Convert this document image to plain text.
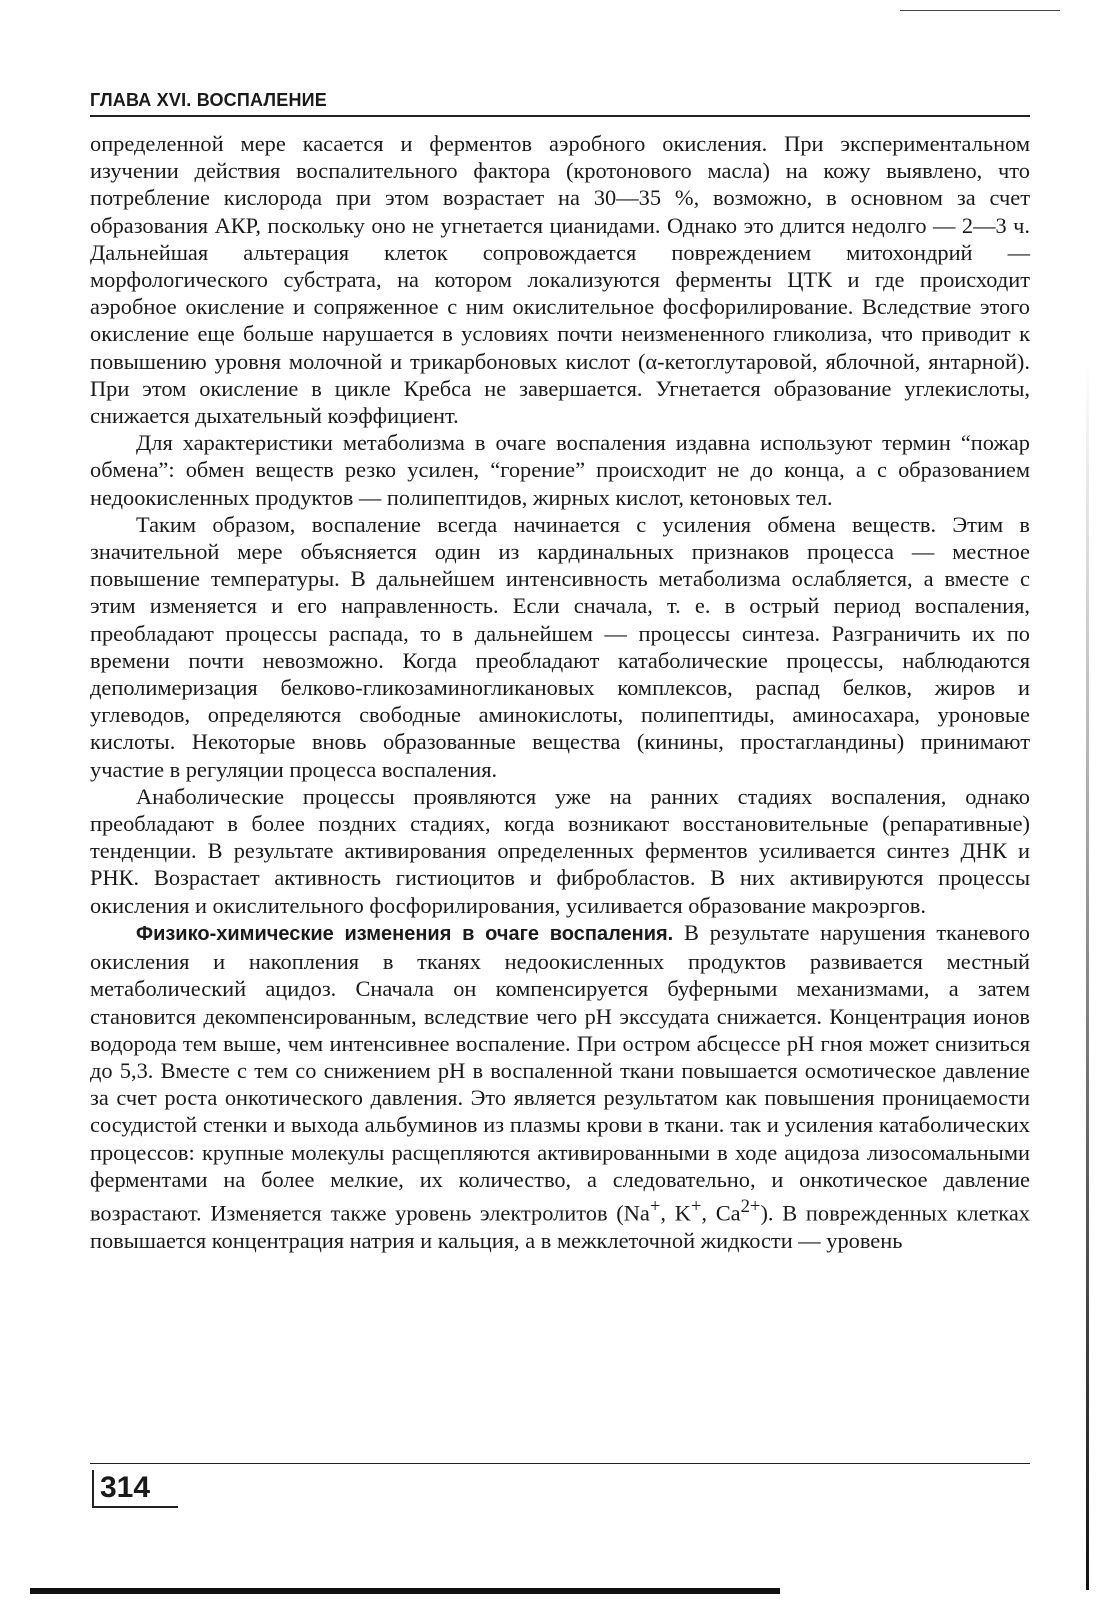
ГЛАВА XVI. ВОСПАЛЕНИЕ

определенной мере касается и ферментов аэробного окисления. При экспериментальном изучении действия воспалительного фактора (кротонового масла) на кожу выявлено, что потребление кислорода при этом возрастает на 30—35 %, возможно, в основном за счет образования АКР, поскольку оно не угнетается цианидами. Однако это длится недолго — 2—3 ч. Дальнейшая альтерация клеток сопровождается повреждением митохондрий — морфологического субстрата, на котором локализуются ферменты ЦТК и где происходит аэробное окисление и сопряженное с ним окислительное фосфорилирование. Вследствие этого окисление еще больше нарушается в условиях почти неизмененного гликолиза, что приводит к повышению уровня молочной и трикарбоновых кислот (α-кетоглутаровой, яблочной, янтарной). При этом окисление в цикле Кребса не завершается. Угнетается образование углекислоты, снижается дыхательный коэффициент.

Для характеристики метаболизма в очаге воспаления издавна используют термин “пожар обмена”: обмен веществ резко усилен, “горение” происходит не до конца, а с образованием недоокисленных продуктов — полипептидов, жирных кислот, кетоновых тел.

Таким образом, воспаление всегда начинается с усиления обмена веществ. Этим в значительной мере объясняется один из кардинальных признаков процесса — местное повышение температуры. В дальнейшем интенсивность метаболизма ослабляется, а вместе с этим изменяется и его направленность. Если сначала, т. е. в острый период воспаления, преобладают процессы распада, то в дальнейшем — процессы синтеза. Разграничить их по времени почти невозможно. Когда преобладают катаболические процессы, наблюдаются деполимеризация белково-гликозаминогликановых комплексов, распад белков, жиров и углеводов, определяются свободные аминокислоты, полипептиды, аминосахара, уроновые кислоты. Некоторые вновь образованные вещества (кинины, простагландины) принимают участие в регуляции процесса воспаления.

Анаболические процессы проявляются уже на ранних стадиях воспаления, однако преобладают в более поздних стадиях, когда возникают восстановительные (репаративные) тенденции. В результате активирования определенных ферментов усиливается синтез ДНК и РНК. Возрастает активность гистиоцитов и фибробластов. В них активируются процессы окисления и окислительного фосфорилирования, усиливается образование макроэргов.

Физико-химические изменения в очаге воспаления. В результате нарушения тканевого окисления и накопления в тканях недоокисленных продуктов развивается местный метаболический ацидоз. Сначала он компенсируется буферными механизмами, а затем становится декомпенсированным, вследствие чего pH экссудата снижается. Концентрация ионов водорода тем выше, чем интенсивнее воспаление. При остром абсцессе pH гноя может снизиться до 5,3. Вместе с тем со снижением pH в воспаленной ткани повышается осмотическое давление за счет роста онкотического давления. Это является результатом как повышения проницаемости сосудистой стенки и выхода альбуминов из плазмы крови в ткани. так и усиления катаболических процессов: крупные молекулы расщепляются активированными в ходе ацидоза лизосомальными ферментами на более мелкие, их количество, а следовательно, и онкотическое давление возрастают. Изменяется также уровень электролитов (Na+, K+, $Ca^{2+}$). В поврежденных клетках повышается концентрация натрия и кальция, а в межклеточной жидкости — уровень

314
